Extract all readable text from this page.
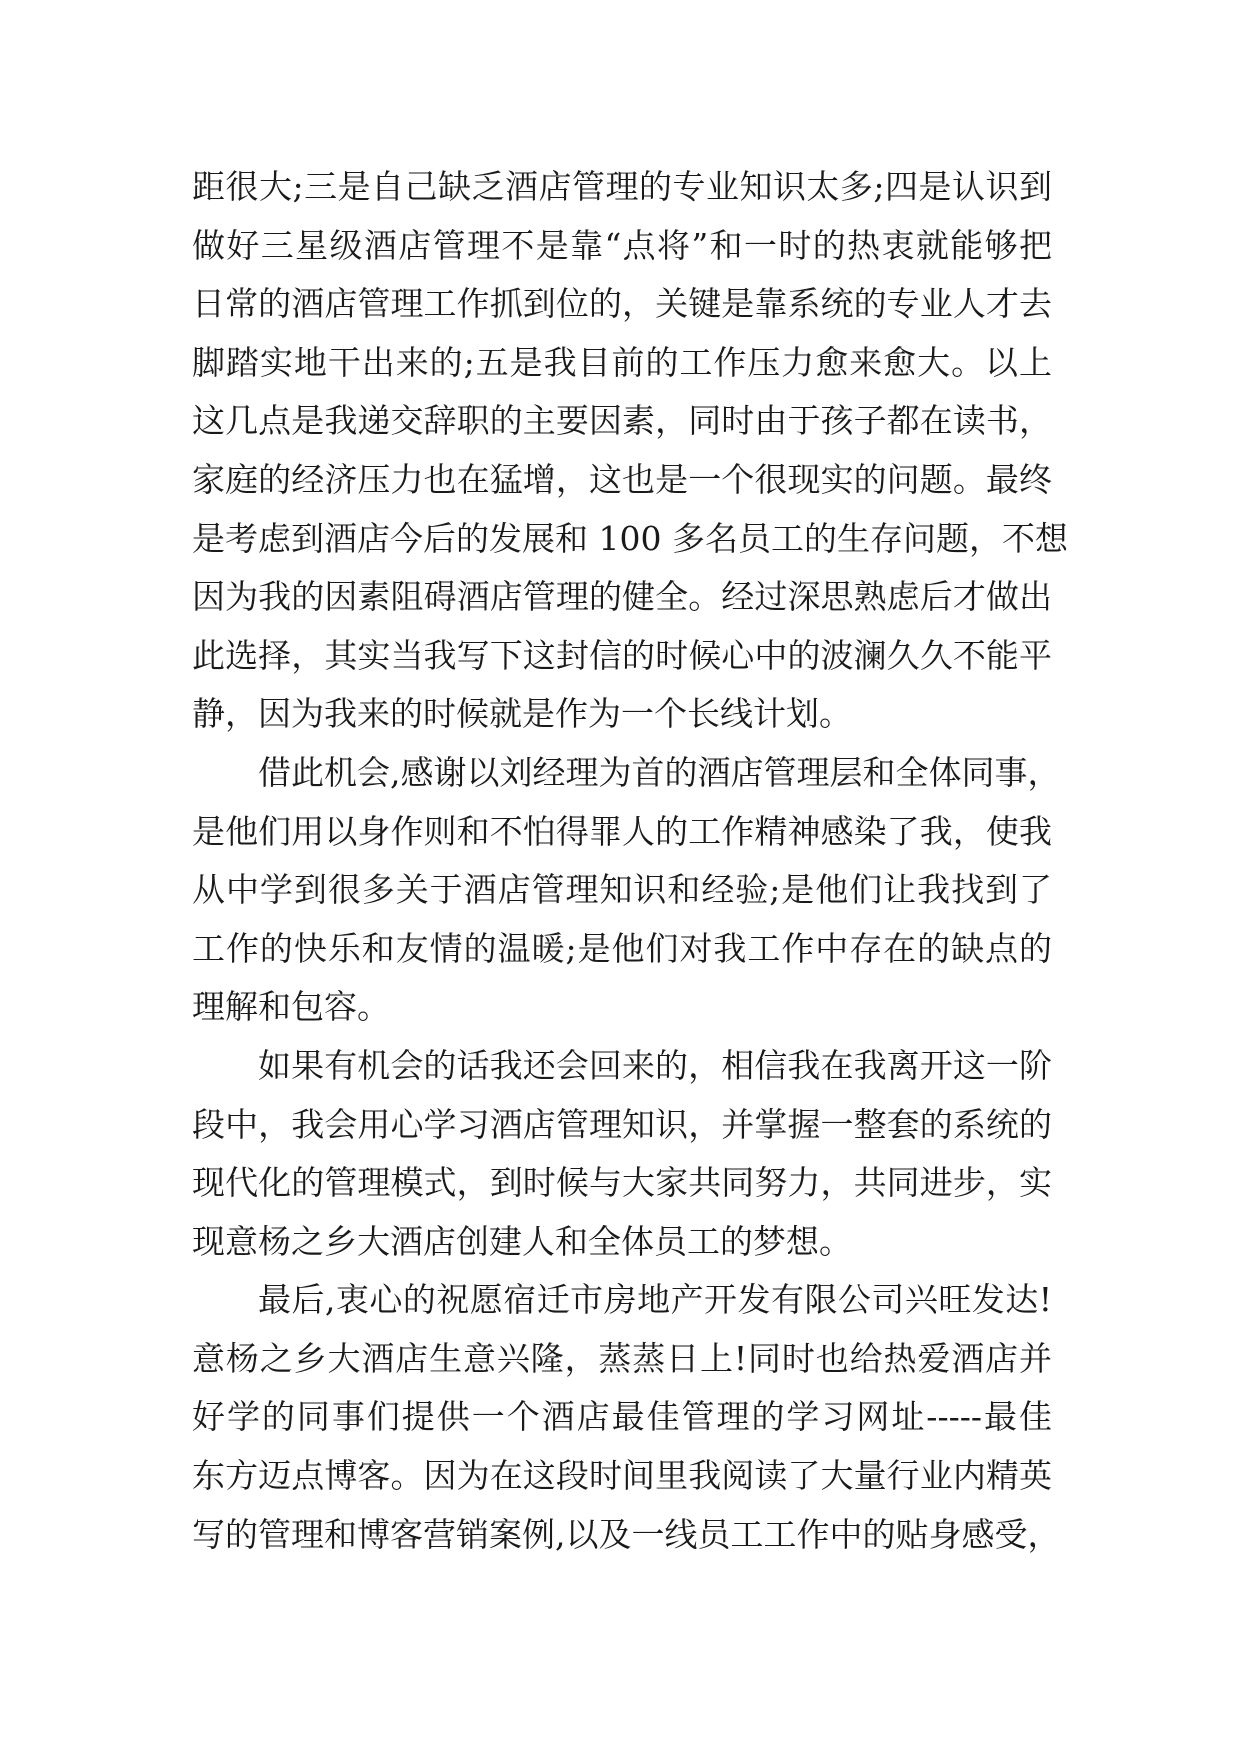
距很大;三是自己缺乏酒店管理的专业知识太多;四是认识到
做好三星级酒店管理不是靠“点将”和一时的热衷就能够把
日常的酒店管理工作抓到位的，关键是靠系统的专业人才去
脚踏实地干出来的;五是我目前的工作压力愈来愈大。以上
这几点是我递交辞职的主要因素，同时由于孩子都在读书，
家庭的经济压力也在猛增，这也是一个很现实的问题。最终
是考虑到酒店今后的发展和 100 多名员工的生存问题，不想
因为我的因素阻碍酒店管理的健全。经过深思熟虑后才做出
此选择，其实当我写下这封信的时候心中的波澜久久不能平
静，因为我来的时候就是作为一个长线计划。
借此机会,感谢以刘经理为首的酒店管理层和全体同事，
是他们用以身作则和不怕得罪人的工作精神感染了我，使我
从中学到很多关于酒店管理知识和经验;是他们让我找到了
工作的快乐和友情的温暖;是他们对我工作中存在的缺点的
理解和包容。
如果有机会的话我还会回来的，相信我在我离开这一阶
段中，我会用心学习酒店管理知识，并掌握一整套的系统的
现代化的管理模式，到时候与大家共同努力，共同进步，实
现意杨之乡大酒店创建人和全体员工的梦想。
最后,衷心的祝愿宿迁市房地产开发有限公司兴旺发达!
意杨之乡大酒店生意兴隆，蒸蒸日上!同时也给热爱酒店并
好学的同事们提供一个酒店最佳管理的学习网址-----最佳
东方迈点博客。因为在这段时间里我阅读了大量行业内精英
写的管理和博客营销案例,以及一线员工工作中的贴身感受，
